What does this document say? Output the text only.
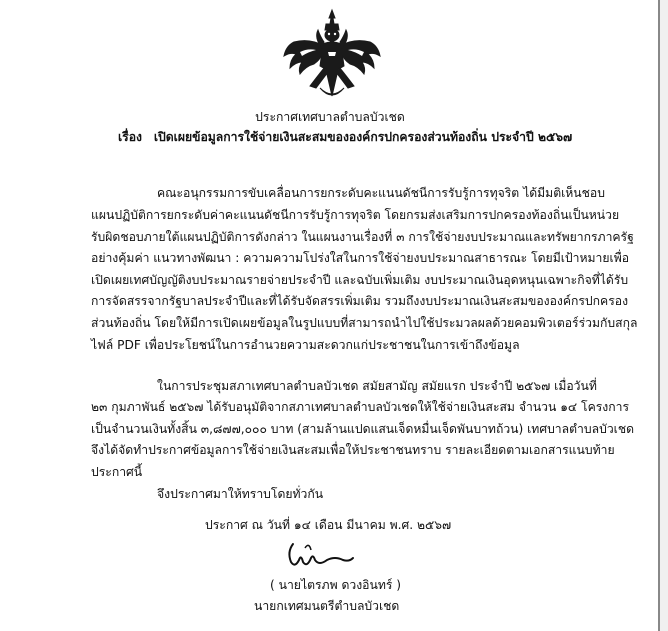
ประกาศเทศบาลตำบลบัวเชด
เรื่อง เปิดเผยข้อมูลการใช้จ่ายเงินสะสมขององค์กรปกครองส่วนท้องถิ่น ประจำปี ๒๕๖๗
คณะอนุกรรมการขับเคลื่อนการยกระดับคะแนนดัชนีการรับรู้การทุจริต ได้มีมติเห็นชอบ
แผนปฏิบัติการยกระดับค่าคะแนนดัชนีการรับรู้การทุจริต โดยกรมส่งเสริมการปกครองท้องถิ่นเป็นหน่วย
รับผิดชอบภายใต้แผนปฏิบัติการดังกล่าว ในแผนงานเรื่องที่ ๓ การใช้จ่ายงบประมาณและทรัพยากรภาครัฐ
อย่างคุ้มค่า แนวทางพัฒนา : ความความโปร่งใสในการใช้จ่ายงบประมาณสาธารณะ โดยมีเป้าหมายเพื่อ
เปิดเผยเทศบัญญัติงบประมาณรายจ่ายประจำปี และฉบับเพิ่มเติม งบประมาณเงินอุดหนุนเฉพาะกิจที่ได้รับ
การจัดสรรจากรัฐบาลประจำปีและที่ได้รับจัดสรรเพิ่มเติม รวมถึงงบประมาณเงินสะสมขององค์กรปกครอง
ส่วนท้องถิ่น โดยให้มีการเปิดเผยข้อมูลในรูปแบบที่สามารถนำไปใช้ประมวลผลด้วยคอมพิวเตอร์ร่วมกับสกุล
ไฟล์ PDF เพื่อประโยชน์ในการอำนวยความสะดวกแก่ประชาชนในการเข้าถึงข้อมูล
ในการประชุมสภาเทศบาลตำบลบัวเชด สมัยสามัญ สมัยแรก ประจำปี ๒๕๖๗ เมื่อวันที่
๒๓ กุมภาพันธ์ ๒๕๖๗ ได้รับอนุมัติจากสภาเทศบาลตำบลบัวเชดให้ใช้จ่ายเงินสะสม จำนวน ๑๔ โครงการ
เป็นจำนวนเงินทั้งสิ้น ๓,๘๗๗,๐๐๐ บาท (สามล้านแปดแสนเจ็ดหมื่นเจ็ดพันบาทถ้วน) เทศบาลตำบลบัวเชด
จึงได้จัดทำประกาศข้อมูลการใช้จ่ายเงินสะสมเพื่อให้ประชาชนทราบ รายละเอียดตามเอกสารแนบท้าย
ประกาศนี้
จึงประกาศมาให้ทราบโดยทั่วกัน
ประกาศ ณ วันที่ ๑๔ เดือน มีนาคม พ.ศ. ๒๕๖๗
( นายไตรภพ ดวงอินทร์ )
นายกเทศมนตรีตำบลบัวเชด
